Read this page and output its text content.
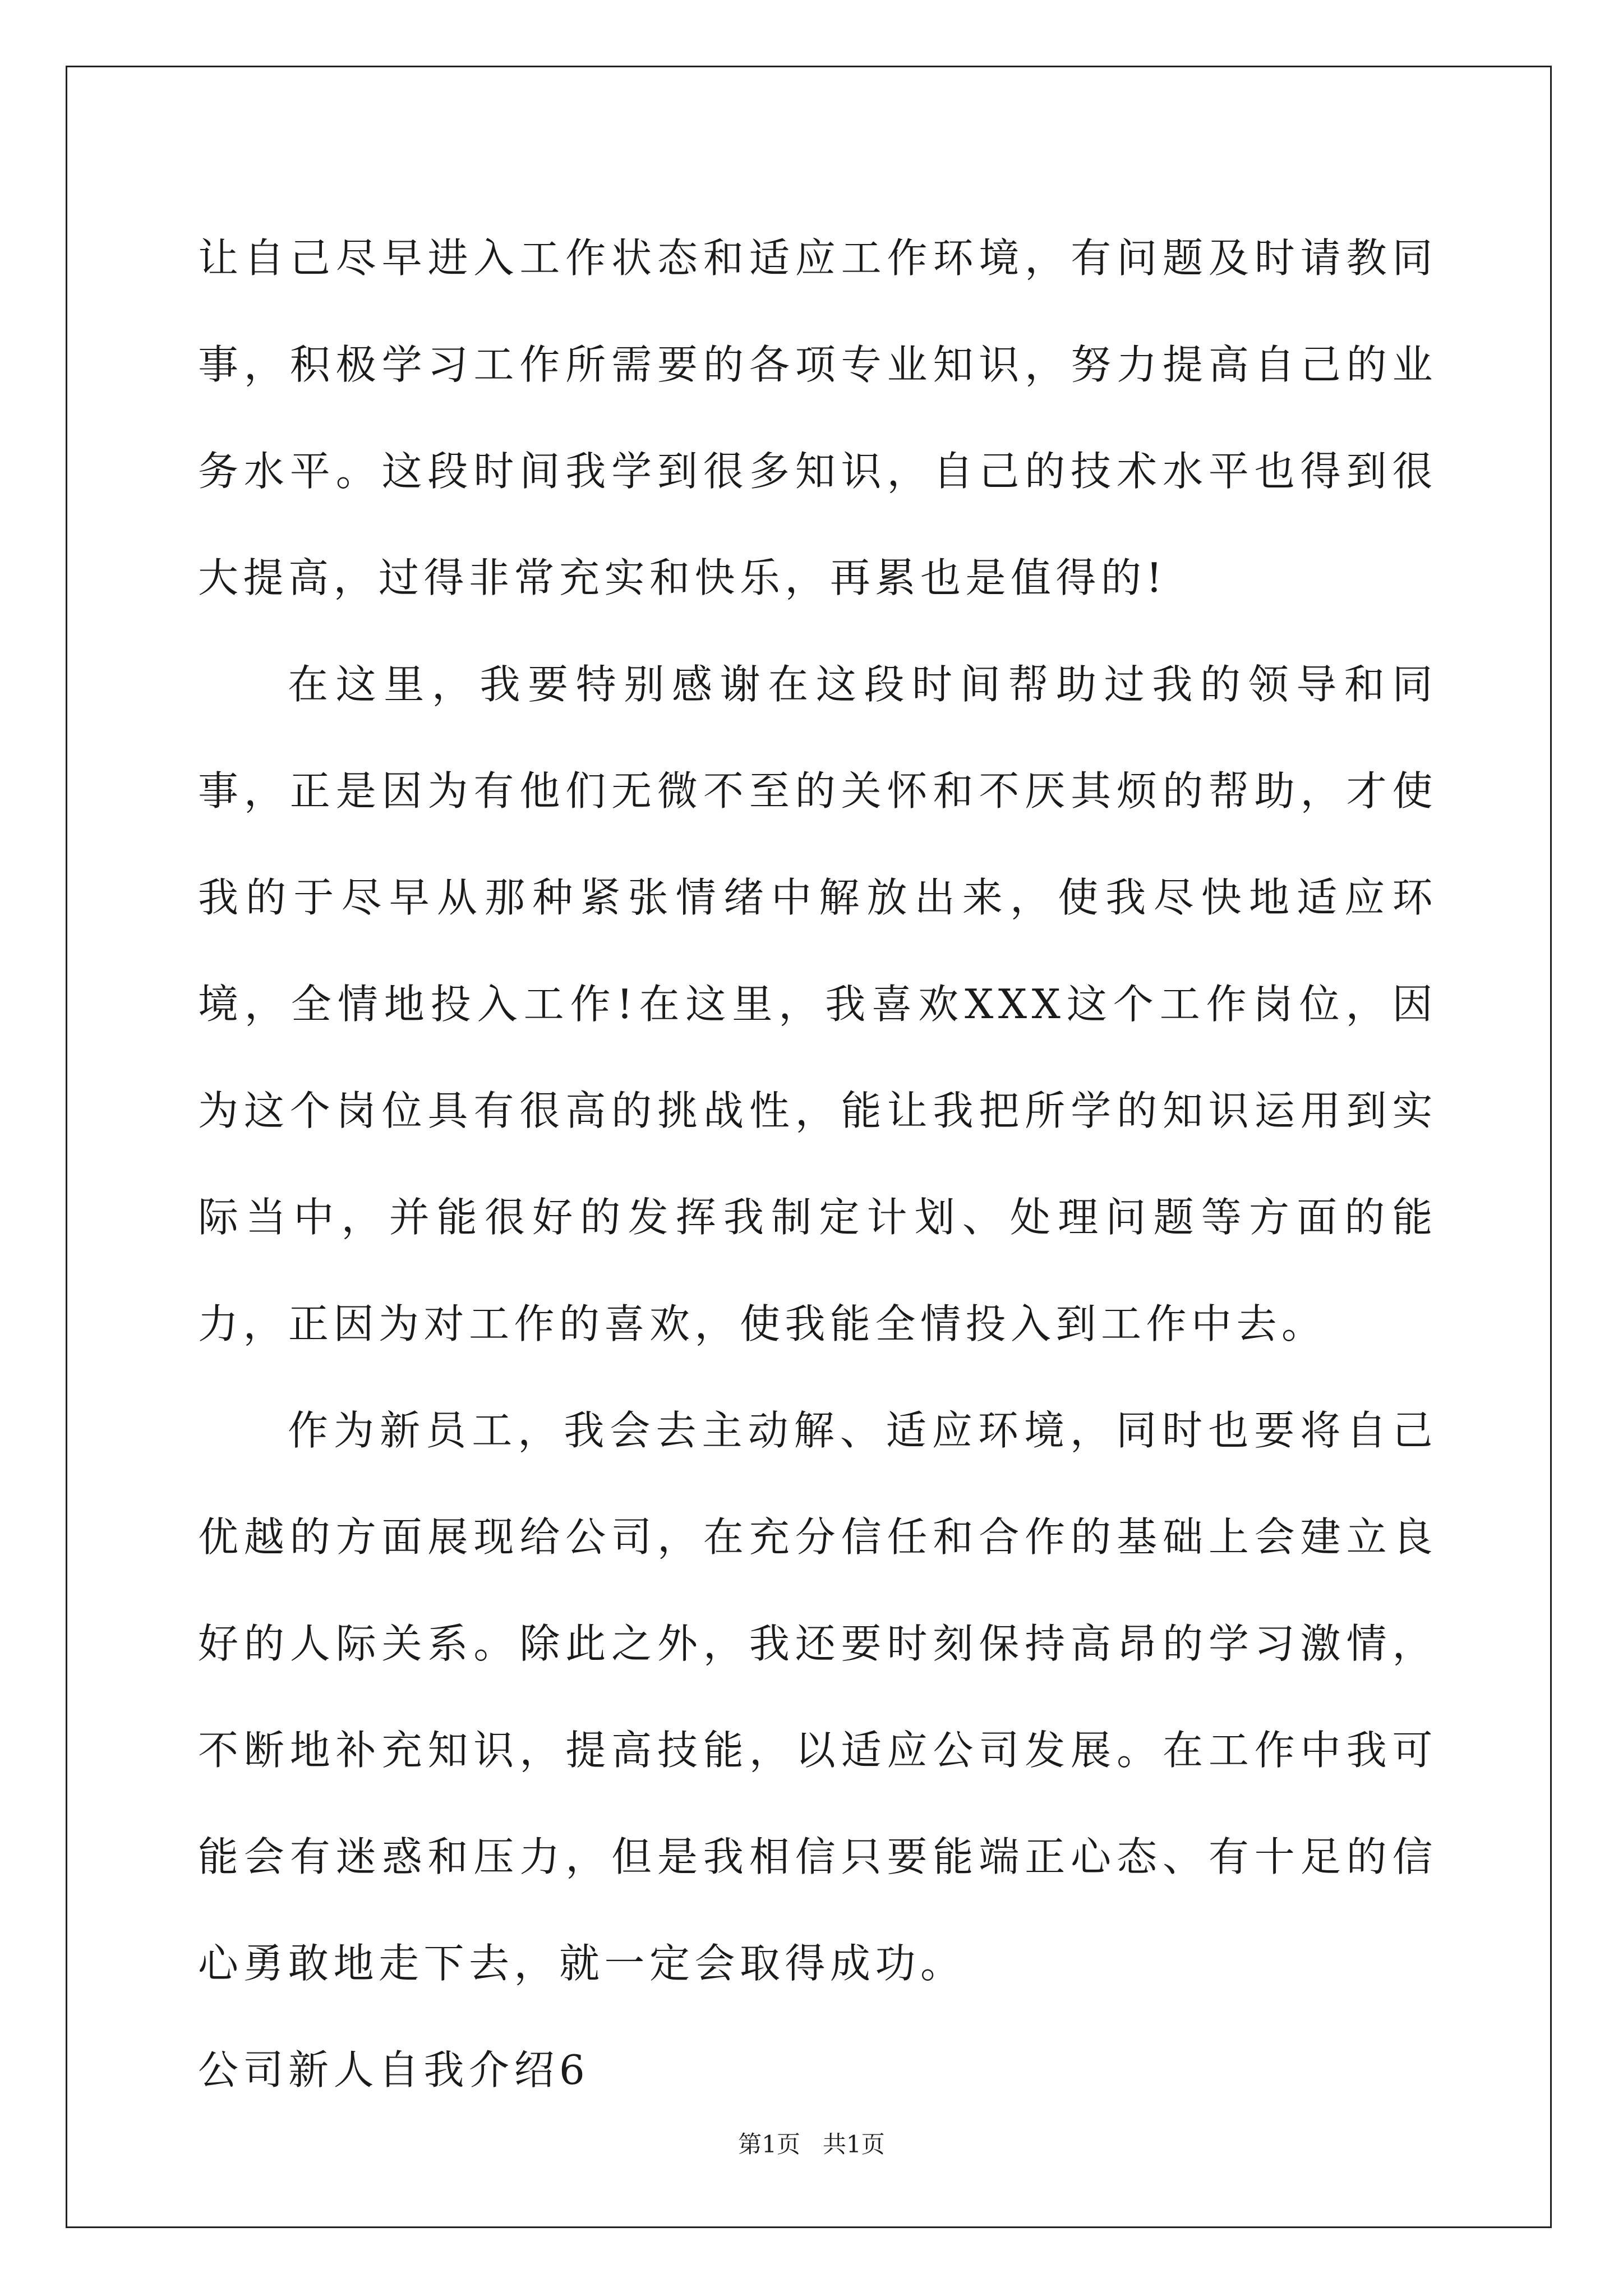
让自己尽早进入工作状态和适应工作环境，有问题及时请教同事，积极学习工作所需要的各项专业知识，努力提高自己的业务水平。这段时间我学到很多知识，自己的技术水平也得到很大提高，过得非常充实和快乐，再累也是值得的!

在这里，我要特别感谢在这段时间帮助过我的领导和同事，正是因为有他们无微不至的关怀和不厌其烦的帮助，才使我的于尽早从那种紧张情绪中解放出来，使我尽快地适应环境，全情地投入工作!在这里，我喜欢XXX这个工作岗位，因为这个岗位具有很高的挑战性，能让我把所学的知识运用到实际当中，并能很好的发挥我制定计划、处理问题等方面的能力，正因为对工作的喜欢，使我能全情投入到工作中去。

作为新员工，我会去主动解、适应环境，同时也要将自己优越的方面展现给公司，在充分信任和合作的基础上会建立良好的人际关系。除此之外，我还要时刻保持高昂的学习激情，不断地补充知识，提高技能，以适应公司发展。在工作中我可能会有迷惑和压力，但是我相信只要能端正心态、有十足的信心勇敢地走下去，就一定会取得成功。

公司新人自我介绍6

第1页 共1页
